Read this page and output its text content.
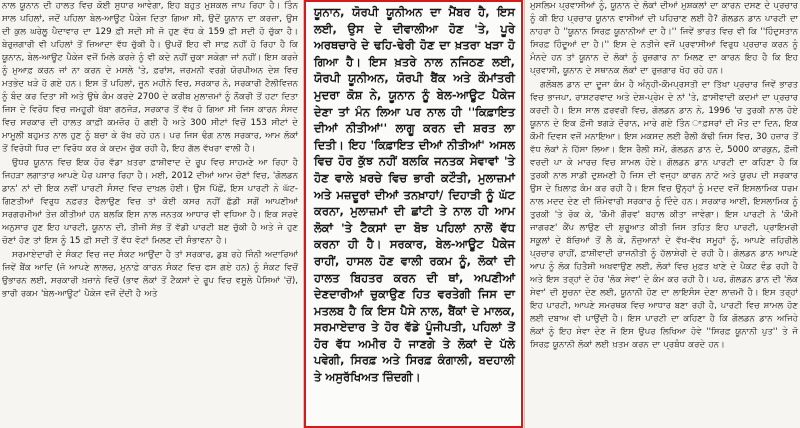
ਨਾਲ ਯੂਨਾਨ ਦੀ ਹਾਲਤ ਵਿਚ ਕੋਈ ਸੁਧਾਰ ਆਵੇਗਾ, ਇਹ ਬਹੁਤ ਮੁਸ਼ਕਲ ਜਾਪ ਰਿਹਾ ਹੈ। ਤਿੰਨ ਸਾਲ ਪਹਿਲਾਂ, ਜਦੋਂ ਪਹਿਲਾ ਬੇਲ-ਆਊਟ ਪੈਕੇਜ ਦਿਤਾ ਗਿਆ ਸੀ, ਉਦੋਂ ਯੂਨਾਨ ਦਾ ਕਰਜ਼ਾ, ਉਸ ਦੀ ਕੁਲ ਘਰੇਲੂ ਪੈਦਾਵਾਰ ਦਾ 129 ਫ਼ੀ ਸਦੀ ਸੀ ਜੋ ਹੁਣ ਵੱਧ ਕੇ 159 ਫ਼ੀ ਸਦੀ ਹੋ ਚੁੱਕਾ ਹੈ। ਬੇਰੁਜ਼ਗਾਰੀ ਵੀ ਪਹਿਲਾਂ ਤੋਂ ਜ਼ਿਆਦਾ ਵੱਧ ਚੁੱਕੀ ਹੈ। ਉਪਰੋਂ ਇਹ ਵੀ ਸਾਫ਼ ਨਹੀਂ ਹੋ ਰਿਹਾ ਹੈ ਕਿ ਯੂਨਾਨ, ਬੇਲ-ਆਊਟ ਪੈਕੇਜ ਵਜੋਂ ਮਿਲੇ ਕਰਜ਼ੇ ਨੂੰ ਵੀ ਕਦੇ ਨਹੀਂ ਚੁਕਾ ਸਕੇਗਾ ਜਾਂ ਨਹੀਂ। ਇਸ ਕਰਜ਼ੇ ਨੂੰ ਮੁਆਫ਼ ਕਰਨ ਜਾਂ ਨਾ ਕਰਨ ਦੇ ਮਸਲੇ 'ਤੇ, ਫ਼ਰਾਂਸ, ਜਰਮਨੀ ਵਰਗੇ ਯੋਰਪੀਅਨ ਦੇਸ਼ ਵਿਚ ਮਤਭੇਦ ਖੜੇ ਹੋ ਗਏ ਹਨ। ਇਸ ਤੋਂ ਪਹਿਲਾਂ, ਜੂਨ ਮਹੀਨੇ ਵਿਚ, ਸਰਕਾਰ ਨੇ, ਸਰਕਾਰੀ ਟੈਲੀਵਿਜ਼ਨ ਨੂੰ ਬੰਦ ਕਰ ਦਿਤਾ ਸੀ ਅਤੇ ਉਥੇ ਕੰਮ ਕਰਦੇ 2700 ਦੇ ਕਰੀਬ ਮੁਲਾਜ਼ਮਾਂ ਨੂੰ ਨੌਕਰੀ ਤੋਂ ਹਟਾ ਦਿਤਾ ਜਿਸ ਦੇ ਵਿਰੋਧ ਵਿਚ ਜਮਹੂਰੀ ਖੱਬਾ ਗਠਜੋੜ, ਸਰਕਾਰ ਤੋਂ ਵੱਖ ਹੋ ਗਿਆ ਸੀ ਜਿਸ ਕਾਰਨ ਸੰਸਦ ਵਿਚ ਸਰਕਾਰ ਦੀ ਹਾਲਤ ਕਾਫ਼ੀ ਕਮਜ਼ੋਰ ਹੋ ਗਈ ਹੈ ਅਤੇ 300 ਸੀਟਾਂ ਵਿਚੋਂ 153 ਸੀਟਾਂ ਦੇ ਮਾਮੂਲੀ ਬਹੁਮਤ ਨਾਲ ਹੁਣ ਨੂੰ ਬਚਾ ਕੇ ਰੱਖ ਰਹੇ ਹਨ। ਪਰ ਜਿਸ ਢੰਗ ਨਾਲ ਸਰਕਾਰ, ਆਮ ਲੋਕਾਂ ਤੋਂ ਵਿਰੋਧੀ ਧਿਰ ਦਾ ਵਿਰੋਧ ਕਰ ਕੇ ਕਦਮ ਚੁੱਕ ਰਹੀ ਹੈ, ਇਹ ਗੱਲ ਵੱਖਰਾ ਵਾਲੀ ਹੈ।

ਉਧਰ ਯੂਨਾਨ ਵਿਚ ਇਕ ਹੋਰ ਵੱਡਾ ਖ਼ਤਰਾ ਫ਼ਾਸ਼ੀਵਾਦ ਦੇ ਰੂਪ ਵਿਚ ਸਾਹਮਣੇ ਆ ਰਿਹਾ ਹੈ ਜਿਹੜਾ ਲਗਾਤਾਰ ਆਪਣੇ ਪੈਰ ਪਸਾਰ ਰਿਹਾ ਹੈ। ਮਈ, 2012 ਦੀਆਂ ਆਮ ਚੋਣਾਂ ਵਿਚ, 'ਗੋਲਡਨ ਡਾਨ' ਨਾਂ ਦੀ ਇਕ ਨਵੀਂ ਪਾਰਟੀ ਸੰਸਦ ਵਿਚ ਦਾਖ਼ਲ ਹੋਈ। ਉਸ ਪਿੱਛੋਂ, ਇਸ ਪਾਰਟੀ ਨੇ ਘੱਟ-ਗਿਣਤੀਆਂ ਵਿਰੁਧ ਨਫ਼ਰਤ ਫੈਲਾਉਣ ਵਿਚ ਤਾਂ ਕੋਈ ਕਸਰ ਨਹੀਂ ਛੱਡੀ ਸਗੋਂ ਆਪਣੀਆਂ ਸਰਗਰਮੀਆਂ ਤੇਜ਼ ਕੀਤੀਆਂ ਹਨ ਬਲਕਿ ਇਸ ਨਾਲ ਜਨਤਕ ਆਧਾਰ ਵੀ ਵਧਿਆ ਹੈ। ਇਕ ਸਰਵੇ ਅਨੁਸਾਰ ਹੁਣ ਇਹ ਪਾਰਟੀ, ਯੂਨਾਨ ਦੀ, ਤੀਜੀ ਸੱਭ ਤੋਂ ਵੱਡੀ ਪਾਰਟੀ ਬਣ ਚੁੱਕੀ ਹੈ ਅਤੇ ਜੇ ਹੁਣ ਚੋਣਾਂ ਹੋਣ ਤਾਂ ਇਸ ਨੂੰ 15 ਫ਼ੀ ਸਦੀ ਤੋਂ ਵੱਧ ਵੋਟਾਂ ਮਿਲਣ ਦੀ ਸੰਭਾਵਨਾ ਹੈ।

ਸਰਮਾਏਦਾਰੀ ਦੇ ਸੰਕਟ ਵਿਚ ਜਦ ਸੰਕਟ ਆਉਂਦਾ ਹੈ ਤਾਂ ਸਰਕਾਰ, ਡੁਬ ਰਹੇ ਜਿੰਨੀ ਅਦਾਰਿਆਂ ਜਿਵੇਂ ਬੈਂਕ ਆਦਿ (ਜੋ ਆਪਣੇ ਲਾਲਚ, ਮੁਨਾਫ਼ੇ ਕਾਰਨ ਸੰਕਟ ਵਿਚ ਫਸ ਗਏ ਹਨ) ਨੂੰ ਸੰਕਟ ਵਿਚੋਂ ਉਭਾਰਨ ਲਈ, ਸਰਕਾਰੀ ਖ਼ਜ਼ਾਨੇ ਵਿਚੋਂ (ਭਾਵ ਲੋਕਾਂ ਤੋਂ ਟੈਕਸਾਂ ਦੇ ਰੂਪ ਵਿਚ ਵਸੂਲੇ ਪੈਸਿਆਂ 'ਚੋਂ), ਭਾਰੀ ਰਕਮ 'ਬੇਲ-ਆਊਟ' ਪੈਕੇਜ ਵਜੋਂ ਦੇਂਦੀ ਹੈ ਅਤੇ

ਯੂਨਾਨ, ਯੋਰਪੀ ਯੂਨੀਅਨ ਦਾ ਮੈਂਬਰ ਹੈ, ਇਸ ਲਈ, ਉਸ ਦੇ ਦੀਵਾਲੀਆ ਹੋਣ 'ਤੇ, ਪੂਰੇ ਅਰਥਚਾਰੇ ਦੇ ਢਹਿ-ਢੇਰੀ ਹੋਣ ਦਾ ਖ਼ਤਰਾ ਖੜਾ ਹੋ ਗਿਆ ਹੈ। ਇਸ ਖ਼ਤਰੇ ਨਾਲ ਨਜਿਠਣ ਲਈ, ਯੋਰਪੀ ਯੂਨੀਅਨ, ਯੋਰਪੀ ਬੈਂਕ ਅਤੇ ਕੌਮਾਂਤਰੀ ਮੁਦਰਾ ਕੋਸ਼ ਨੇ, ਯੂਨਾਨ ਨੂੰ ਬੇਲ-ਆਊਟ ਪੈਕੇਜ ਦੇਣਾ ਤਾਂ ਮੰਨ ਲਿਆ ਪਰ ਨਾਲ ਹੀ ''ਕਿਫ਼ਾਇਤ ਦੀਆਂ ਨੀਤੀਆਂ'' ਲਾਗੂ ਕਰਨ ਦੀ ਸ਼ਰਤ ਲਾ ਦਿਤੀ। ਇਹ 'ਕਿਫ਼ਾਇਤ ਦੀਆਂ ਨੀਤੀਆਂ' ਅਸਲ ਵਿਚ ਹੋਰ ਕੁੱਝ ਨਹੀਂ ਬਲਕਿ ਜਨਤਕ ਸੇਵਾਵਾਂ 'ਤੇ ਹੋਣ ਵਾਲੇ ਖ਼ਰਚੇ ਵਿਚ ਭਾਰੀ ਕਟੌਤੀ, ਮੁਲਾਜ਼ਮਾਂ ਅਤੇ ਮਜ਼ਦੂਰਾਂ ਦੀਆਂ ਤਨਖ਼ਾਹਾਂ/ ਦਿਹਾੜੀ ਨੂੰ ਘੱਟ ਕਰਨਾ, ਮੁਲਾਜ਼ਮਾਂ ਦੀ ਛਾਂਟੀ ਤੇ ਨਾਲ ਹੀ ਆਮ ਲੋਕਾਂ 'ਤੇ ਟੈਕਸਾਂ ਦਾ ਬੋਝ ਪਹਿਲਾਂ ਨਾਲੋਂ ਵੱਧ ਕਰਨਾ ਹੀ ਹੈ। ਸਰਕਾਰ, ਬੇਲ-ਆਊਟ ਪੈਕੇਜ ਰਾਹੀਂ, ਹਾਸਲ ਹੋਣ ਵਾਲੀ ਰਕਮ ਨੂੰ, ਲੋਕਾਂ ਦੀ ਹਾਲਤ ਬਿਹਤਰ ਕਰਨ ਦੀ ਥਾਂ, ਅਪਣੀਆਂ ਦੇਣਦਾਰੀਆਂ ਚੁਕਾਉਣ ਹਿਤ ਵਰਤੇਗੀ ਜਿਸ ਦਾ ਮਤਲਬ ਹੈ ਕਿ ਇਸ ਪੈਸੇ ਨਾਲ, ਬੈਂਕਾਂ ਦੇ ਮਾਲਕ, ਸਰਮਾਏਦਾਰ ਤੇ ਹੋਰ ਵੱਡੇ ਪੂੰਜੀਪਤੀ, ਪਹਿਲਾਂ ਤੋਂ ਹੋਰ ਵੱਧ ਅਮੀਰ ਹੋ ਜਾਣਗੇ ਤੇ ਲੋਕਾਂ ਦੇ ਪੱਲੇ ਪਵੇਗੀ, ਸਿਰਫ਼ ਅਤੇ ਸਿਰਫ਼ ਕੰਗਾਲੀ, ਬਦਹਾਲੀ ਤੇ ਅਸੁਰੱਖਿਅਤ ਜ਼ਿੰਦਗੀ।

ਮੁਸਲਿਮ ਪ੍ਰਵਾਸੀਆਂ ਨੂੰ, ਯੂਨਾਨ ਦੇ ਲੋਕਾਂ ਦੀਆਂ ਮੁਸ਼ਕਲਾਂ ਦਾ ਕਾਰਨ ਦਸਣ ਦੇ ਪ੍ਰਚਾਰ ਨੂੰ ਕੀ ਇਹ ਪ੍ਰਚਾਰ ਯੂਨਾਨ ਵਾਸੀਆਂ ਦੀ ਪਹਿਚਾਣ ਲਈ ਹੈ? ਗੋਲਡਨ ਡਾਨ ਪਾਰਟੀ ਦਾ ਨਾਹਰਾ ਹੈ ''ਯੂਨਾਨ ਸਿਰਫ਼ ਯੂਨਾਨੀਆਂ ਦਾ ਹੈ।'' ਜਿਵੇਂ ਭਾਰਤ ਵਿਚ ਵੀ ਕਿ ''ਹਿੰਦੁਸਤਾਨ ਸਿਰਫ਼ ਹਿੰਦੂਆਂ ਦਾ ਹੈ।'' ਇਸ ਦੇ ਨਤੀਜੇ ਵਜੋਂ ਪ੍ਰਵਾਸੀਆਂ ਵਿਰੁਧ ਪ੍ਰਚਾਰ ਕਰਨ ਨੂੰ ਮੰਨਦੇ ਹਨ ਤਾਂ ਯੂਨਾਨ ਦੇ ਲੋਕਾਂ ਨੂੰ ਰੁਜ਼ਗਾਰ ਨਾ ਮਿਲਣ ਦਾ ਕਾਰਨ ਇਹ ਹੈ ਕਿ ਇਹ ਪ੍ਰਵਾਸੀ, ਯੂਨਾਨ ਦੇ ਸਥਾਨਕ ਲੋਕਾਂ ਦਾ ਰੁਜ਼ਗਾਰ ਖੋਹ ਰਹੇ ਹਨ।

ਗਲੋਬਲ ਡਾਨ ਦਾ ਦੂਜਾ ਕੰਮ ਹੈ ਅੰਨ੍ਹੀ-ਕੌਮਪ੍ਰਸਤੀ ਦਾ ਤਿੱਖਾ ਪ੍ਰਚਾਰ ਜਿਵੇਂ ਭਾਰਤ ਵਿਚ ਭਾਜਪਾ, ਰਾਸ਼ਟਰਵਾਦ ਅਤੇ ਦੇਸ਼-ਪ੍ਰੇਮ ਦੇ ਨਾਂ 'ਤੇ, ਫ਼ਾਸੀਵਾਦੀ ਕਦਮਾਂ ਦਾ ਪ੍ਰਚਾਰ ਕਰਦੀ ਹੈ। ਇਸ ਸਾਲ ਫ਼ਰਵਰੀ ਵਿਚ, ਗੋਲਡਨ ਡਾਨ ਨੇ, 1996 'ਚ ਤੁਰਕੀ ਨਾਲ ਹੋਏ ਯੂਨਾਨ ਦੇ ਇਕ ਫ਼ੌਜੀ ਝਗੜੇ ਦੌਰਾਨ, ਮਾਰੇ ਗਏ ਤਿੰਨ ਾਫ਼ਸਰਾਂ ਦੀ ਮੌਤ ਦਾ ਦਿਨ, ਇਕ ਕੌਮੀ ਦਿਵਸ ਵਜੋਂ ਮਨਾਇਆ। ਇਸ ਮਕਸਦ ਲਈ ਰੈਲੀ ਕੱਢੀ ਜਿਸ ਵਿਚ, 30 ਹਜ਼ਾਰ ਤੋਂ ਵੱਧ ਲੋਕਾਂ ਨੇ ਹਿੱਸਾ ਲਿਆ। ਇਸ ਰੈਲੀ ਸਮੇਂ, ਗੋਲਡਨ ਡਾਨ ਦੇ, 5000 ਕਾਰਕੁਨ, ਫ਼ੌਜੀ ਵਰਦੀ ਪਾ ਕੇ ਮਾਰਚ ਵਿਚ ਸ਼ਾਮਲ ਹੋਏ। ਗੋਲਡਨ ਡਾਨ ਪਾਰਟੀ ਦਾ ਕਹਿਣਾ ਹੈ ਕਿ ਤੁਰਕੀ ਨਾਲ ਸਾਡੀ ਦੁਸ਼ਮਣੀ ਹੈ ਜਿਸ ਦੀ ਵਜ੍ਹਾ ਕਾਰਨ ਨਾਟੋ ਅਤੇ ਯੂਰਪ ਦੀ ਸਰਕਾਰ ਉਸ ਦੇ ਖ਼ਿਲਾਫ਼ ਕੰਮ ਕਰ ਰਹੀ ਹੈ। ਇਸ ਵਿਚ ਉਨ੍ਹਾਂ ਨੂੰ ਮਦਦ ਵਜੋਂ ਇਸਲਾਮਿਕ ਧਰਮ ਨਾਲ ਮਦਦ ਦੇਣ ਦੀ ਜ਼ਿੰਮੇਵਾਰੀ ਸਰਕਾਰ ਨੂੰ ਦਿੰਦੇ ਹਨ। ਸਰਕਾਰ ਆਈ, ਇਸਲਾਮਿਕ ਨੂੰ ਤੁਰਕੀ 'ਤੇ ਰੋਕ ਕੇ, 'ਕੌਮੀ ਗੌਰਵ' ਬਹਾਲ ਕੀਤਾ ਜਾਵੇਗਾ। ਇਸ ਪਾਰਟੀ ਨੇ 'ਕੌਮੀ ਜਾਗਰਣ' ਕੈਂਪ ਲਾਉਣ ਦੀ ਸ਼ੁਰੂਆਤ ਕੀਤੀ ਜਿਸ ਤਹਿਤ ਇਹ ਪਾਰਟੀ, ਪ੍ਰਾਇਮਰੀ ਸਕੂਲਾਂ ਦੇ ਬੱਚਿਆਂ ਤੋਂ ਲੈ ਕੇ, ਨੌਜੁਆਨਾਂ ਦੇ ਵੱਖ-ਵੱਖ ਸਮੂਹਾਂ ਨੂੰ, ਆਪਣੇ ਜ਼ਹਿਰੀਲੇ ਪ੍ਰਚਾਰ ਰਾਹੀਂ, ਫ਼ਾਸ਼ੀਵਾਦੀ ਰਾਜਨੀਤੀ ਨੂੰ ਹੱਲਾਸ਼ੇਰੀ ਦੇ ਰਹੀ ਹੈ। ਗੋਲਡਨ ਡਾਨ ਆਪਣੇ ਆਪ ਨੂੰ ਲੋਕ ਹਿਤੈਸ਼ੀ ਅਖਵਾਉਣ ਲਈ, ਲੋਕਾਂ ਵਿਚ ਮੁਫ਼ਤ ਖਾਣੇ ਦੇ ਪੈਕਟ ਵੰਡ ਰਹੀ ਹੈ ਅਤੇ ਇਸ ਤਰ੍ਹਾਂ ਦੇ ਹੋਰ 'ਲੋਕ ਸੇਵਾ' ਦੇ ਕੰਮ ਕਰ ਰਹੀ ਹੈ। ਪਰ, ਗੋਲਡਨ ਡਾਨ ਦੀ 'ਲੋਕ ਸੇਵਾ' ਦੀ ਸੂਚਨਾ ਦੇਣ ਲਈ, ਯੂਨਾਨੀ ਹੋਣ ਦਾ ਲਾਇਸੰਸ ਦੇਣਾ ਲਾਜ਼ਮੀ ਹੈ। ਇਸ ਤਰ੍ਹਾਂ ਇਹ ਪਾਰਟੀ, ਆਪਣੇ ਸਮਰਥਕ ਵਿਚ ਆਧਾਰ ਬਣਾ ਰਹੀ ਹੈ, ਪਾਰਟੀ ਵਿਚ ਸ਼ਾਮਲ ਹੋਣ ਲਈ ਦਬਾਅ ਵੀ ਪਾਉਂਦੀ ਹੈ। ਇਸ ਪਾਰਟੀ ਦਾ ਕਹਿਣਾ ਹੈ ਕਿ ਗੋਲਡਨ ਡਾਨ ਅਜਿਹੇ ਲੋਕਾਂ ਨੂੰ ਇਹ ਸੇਵਾ ਦੇਣ ਜੋ ਇਸ ਉਪਰ ਲਿਖਿਆ ਹੋਵੇ ''ਸਿਰਫ਼ ਯੂਨਾਨੀ ਪੁਤ'' ਤੇ ਜੋ ਸਿਰਫ਼ ਯੂਨਾਨੀ ਲੋਕਾਂ ਲਈ ਖ਼ਤਮ ਕਰਨ ਦਾ ਪ੍ਰਬੰਧ ਕਰਦੇ ਹਨ।
